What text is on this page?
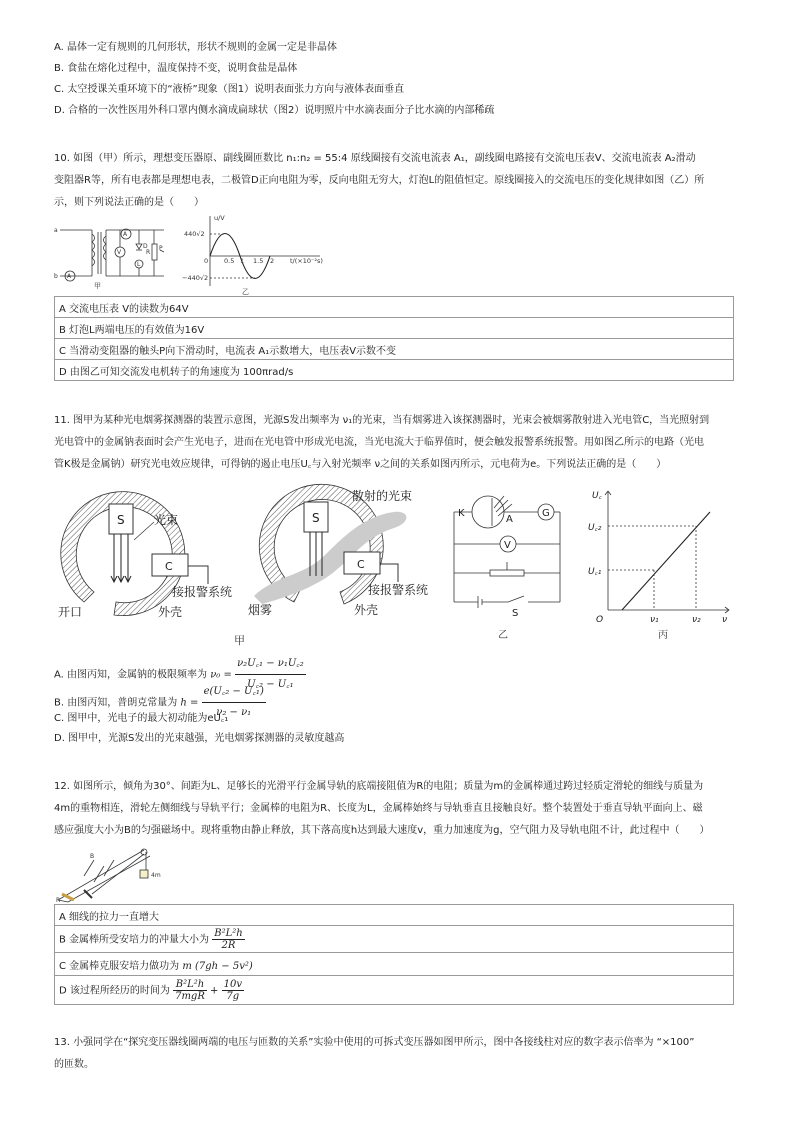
A. 晶体一定有规则的几何形状，形状不规则的金属一定是非晶体
B. 食盐在熔化过程中，温度保持不变，说明食盐是晶体
C. 太空授课关重环境下的“液桥”现象（图1）说明表面张力方向与液体表面垂直
D. 合格的一次性医用外科口罩内侧水滴成扁球状（图2）说明照片中水滴表面分子比水滴的内部稀疏
10. 如图（甲）所示，理想变压器原、副线圈匝数比 n₁:n₂ = 55:4 原线圈接有交流电流表 A₁，副线圈电路接有交流电压表V、交流电流表 A₂滑动
变阻器R等，所有电表都是理想电表，二极管D正向电阻为零，反向电阻无穷大，灯泡L的阻值恒定。原线圈接入的交流电压的变化规律如图（乙）所
示，则下列说法正确的是（　　）
a
b A
A
V
D
L
R
P
甲
u/V
440√2
−440√2
0 0.5 1 1.5 2 t/(×10⁻²s)
乙
A 交流电压表 V的读数为64V
B 灯泡L两端电压的有效值为16V
C 当滑动变阻器的触头P向下滑动时，电流表 A₁示数增大，电压表V示数不变
D 由图乙可知交流发电机转子的角速度为 100πrad/s
11. 图甲为某种光电烟雾探测器的装置示意图，光源S发出频率为 ν₁的光束，当有烟雾进入该探测器时，光束会被烟雾散射进入光电管C，当光照射到
光电管中的金属钠表面时会产生光电子，进而在光电管中形成光电流，当光电流大于临界值时，便会触发报警系统报警。用如图乙所示的电路（光电
管K极是金属钠）研究光电效应规律，可得钠的遏止电压U꜀与入射光频率 ν之间的关系如图丙所示，元电荷为e。下列说法正确的是（　　）
S
C
光束
接报警系统
开口	外壳
S
C
散射的光束
接报警系统
烟雾	外壳
甲
K
A
G
V
S
乙
U꜀
U꜀₂
U꜀₁
O	ν₁	ν₂ ν
丙
A. 由图丙知，金属钠的极限频率为 $\nu_0 = \frac{\text{ν₂U꜀₁ − ν₁U꜀₂}}{\text{U꜀₂ − U꜀₁}}$
B. 由图丙知，普朗克常量为 $h = \frac{\text{e(U꜀₂ − U꜀₁)}}{\text{ν₂ − ν₁}}$
C. 图甲中，光电子的最大初动能为eU꜀₁
D. 图甲中，光源S发出的光束越强，光电烟雾探测器的灵敏度越高
12. 如图所示，倾角为30°、间距为L、足够长的光滑平行金属导轨的底端接阻值为R的电阻；质量为m的金属棒通过跨过轻质定滑轮的细线与质量为
4m的重物相连，滑轮左侧细线与导轨平行；金属棒的电阻为R、长度为L，金属棒始终与导轨垂直且接触良好。整个装置处于垂直导轨平面向上、磁
感应强度大小为B的匀强磁场中。现将重物由静止释放，其下落高度h达到最大速度v，重力加速度为g，空气阻力及导轨电阻不计，此过程中（　　）
4m
B
R
A 细线的拉力一直增大
B 金属棒所受安培力的冲量大小为 $\frac{\text{B²L²h}}{2R}$

C 金属棒克服安培力做功为 m (7gh − 5v²)
D 该过程所经历的时间为 $\frac{\text{B²L²h}}{\text{7mgR}} + \frac{10v}{7g}$
13. 小强同学在“探究变压器线圈两端的电压与匝数的关系”实验中使用的可拆式变压器如图甲所示，图中各接线柱对应的数字表示倍率为 “×100”
的匝数。
